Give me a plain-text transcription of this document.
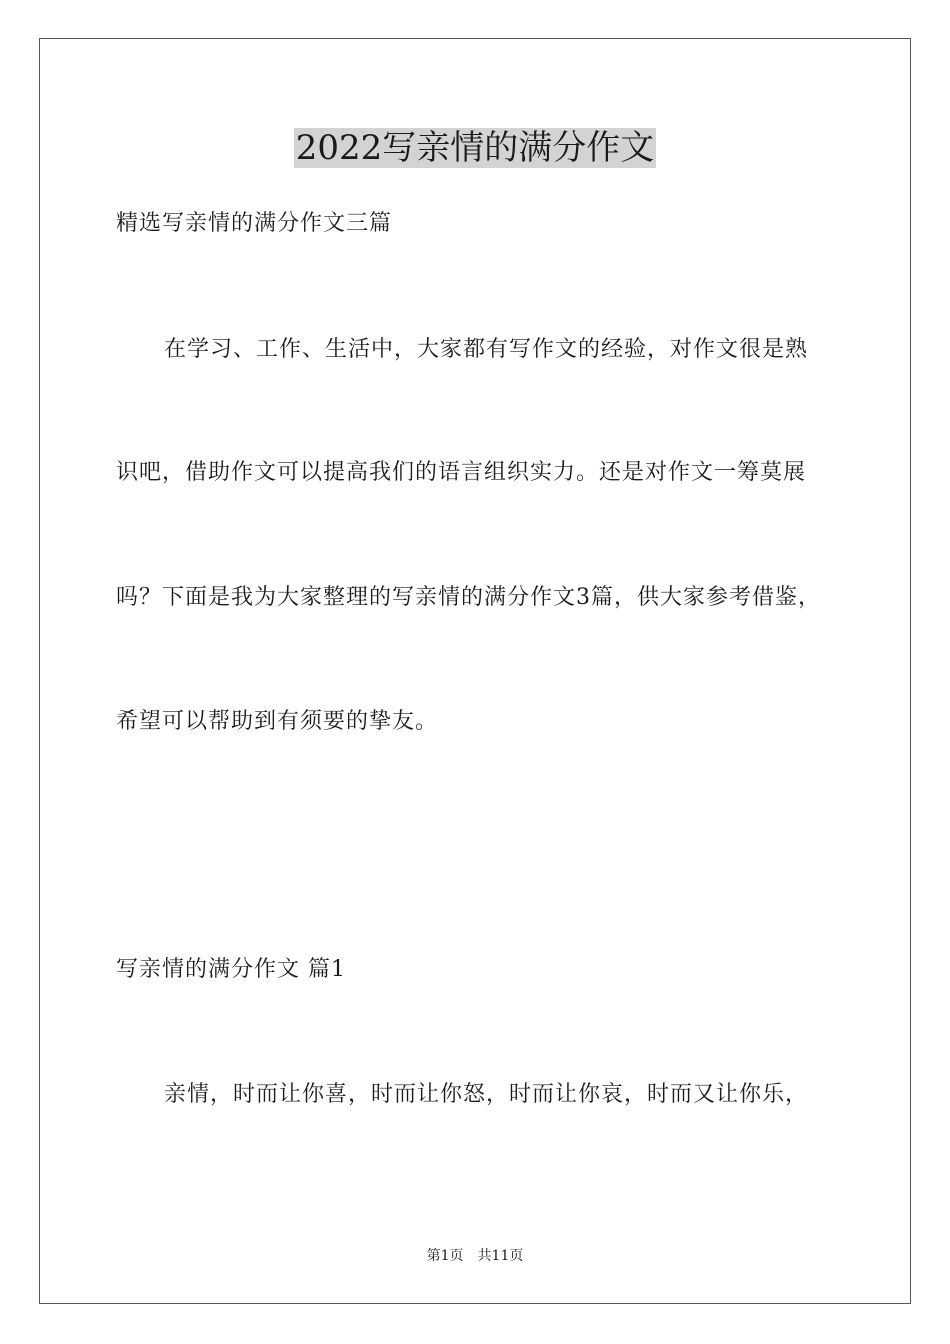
2022写亲情的满分作文
精选写亲情的满分作文三篇
在学习、工作、生活中，大家都有写作文的经验，对作文很是熟
识吧，借助作文可以提高我们的语言组织实力。还是对作文一筹莫展
吗？下面是我为大家整理的写亲情的满分作文3篇，供大家参考借鉴，
希望可以帮助到有须要的挚友。
写亲情的满分作文 篇1
亲情，时而让你喜，时而让你怒，时而让你哀，时而又让你乐，
第1页 共11页
